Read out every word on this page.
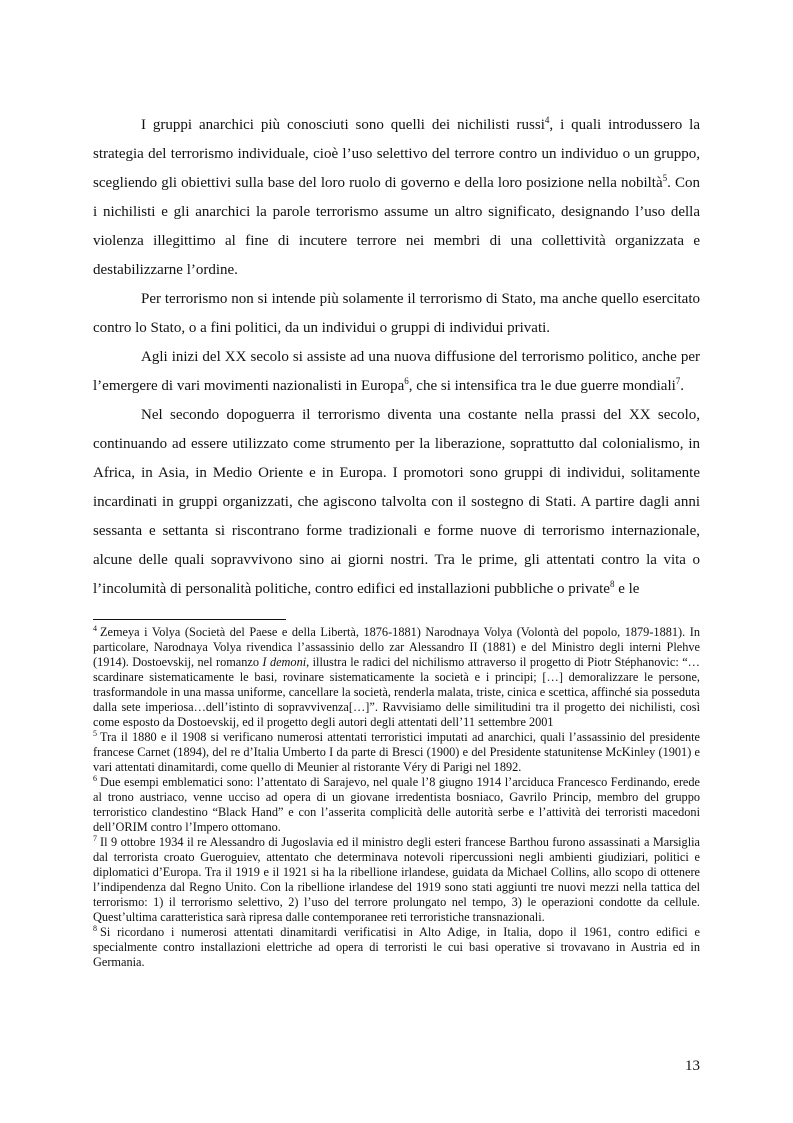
I gruppi anarchici più conosciuti sono quelli dei nichilisti russi$^4$, i quali introdussero la strategia del terrorismo individuale, cioè l’uso selettivo del terrore contro un individuo o un gruppo, scegliendo gli obiettivi sulla base del loro ruolo di governo e della loro posizione nella nobiltà$^5$. Con i nichilisti e gli anarchici la parole terrorismo assume un altro significato, designando l’uso della violenza illegittimo al fine di incutere terrore nei membri di una collettività organizzata e destabilizzarne l’ordine.

Per terrorismo non si intende più solamente il terrorismo di Stato, ma anche quello esercitato contro lo Stato, o a fini politici, da un individui o gruppi di individui privati.

Agli inizi del XX secolo si assiste ad una nuova diffusione del terrorismo politico, anche per l’emergere di vari movimenti nazionalisti in Europa$^6$, che si intensifica tra le due guerre mondiali$^7$.

Nel secondo dopoguerra il terrorismo diventa una costante nella prassi del XX secolo, continuando ad essere utilizzato come strumento per la liberazione, soprattutto dal colonialismo, in Africa, in Asia, in Medio Oriente e in Europa. I promotori sono gruppi di individui, solitamente incardinati in gruppi organizzati, che agiscono talvolta con il sostegno di Stati. A partire dagli anni sessanta e settanta si riscontrano forme tradizionali e forme nuove di terrorismo internazionale, alcune delle quali sopravvivono sino ai giorni nostri. Tra le prime, gli attentati contro la vita o l’incolumità di personalità politiche, contro edifici ed installazioni pubbliche o private$^8$ e le

$^4$ Zemeya i Volya (Società del Paese e della Libertà, 1876-1881) Narodnaya Volya (Volontà del popolo, 1879-1881). In particolare, Narodnaya Volya rivendica l’assassinio dello zar Alessandro II (1881) e del Ministro degli interni Plehve (1914). Dostoevskij, nel romanzo I demoni, illustra le radici del nichilismo attraverso il progetto di Piotr Stéphanovic: “…scardinare sistematicamente le basi, rovinare sistematicamente la società e i principi; […] demoralizzare le persone, trasformandole in una massa uniforme, cancellare la società, renderla malata, triste, cinica e scettica, affinché sia posseduta dalla sete imperiosa…dell’istinto di sopravvivenza[…]”. Ravvisiamo delle similitudini tra il progetto dei nichilisti, così come esposto da Dostoevskij, ed il progetto degli autori degli attentati dell’11 settembre 2001

$^5$ Tra il 1880 e il 1908 si verificano numerosi attentati terroristici imputati ad anarchici, quali l’assassinio del presidente francese Carnet (1894), del re d’Italia Umberto I da parte di Bresci (1900) e del Presidente statunitense McKinley (1901) e vari attentati dinamitardi, come quello di Meunier al ristorante Véry di Parigi nel 1892.

$^6$ Due esempi emblematici sono: l’attentato di Sarajevo, nel quale l’8 giugno 1914 l’arciduca Francesco Ferdinando, erede al trono austriaco, venne ucciso ad opera di un giovane irredentista bosniaco, Gavrilo Princip, membro del gruppo terroristico clandestino “Black Hand” e con l’asserita complicità delle autorità serbe e l’attività dei terroristi macedoni dell’ORIM contro l’Impero ottomano.

$^7$ Il 9 ottobre 1934 il re Alessandro di Jugoslavia ed il ministro degli esteri francese Barthou furono assassinati a Marsiglia dal terrorista croato Gueroguiev, attentato che determinava notevoli ripercussioni negli ambienti giudiziari, politici e diplomatici d’Europa. Tra il 1919 e il 1921 si ha la ribellione irlandese, guidata da Michael Collins, allo scopo di ottenere l’indipendenza dal Regno Unito. Con la ribellione irlandese del 1919 sono stati aggiunti tre nuovi mezzi nella tattica del terrorismo: 1) il terrorismo selettivo, 2) l’uso del terrore prolungato nel tempo, 3) le operazioni condotte da cellule. Quest’ultima caratteristica sarà ripresa dalle contemporanee reti terroristiche transnazionali.

$^8$ Si ricordano i numerosi attentati dinamitardi verificatisi in Alto Adige, in Italia, dopo il 1961, contro edifici e specialmente contro installazioni elettriche ad opera di terroristi le cui basi operative si trovavano in Austria ed in Germania.

13
